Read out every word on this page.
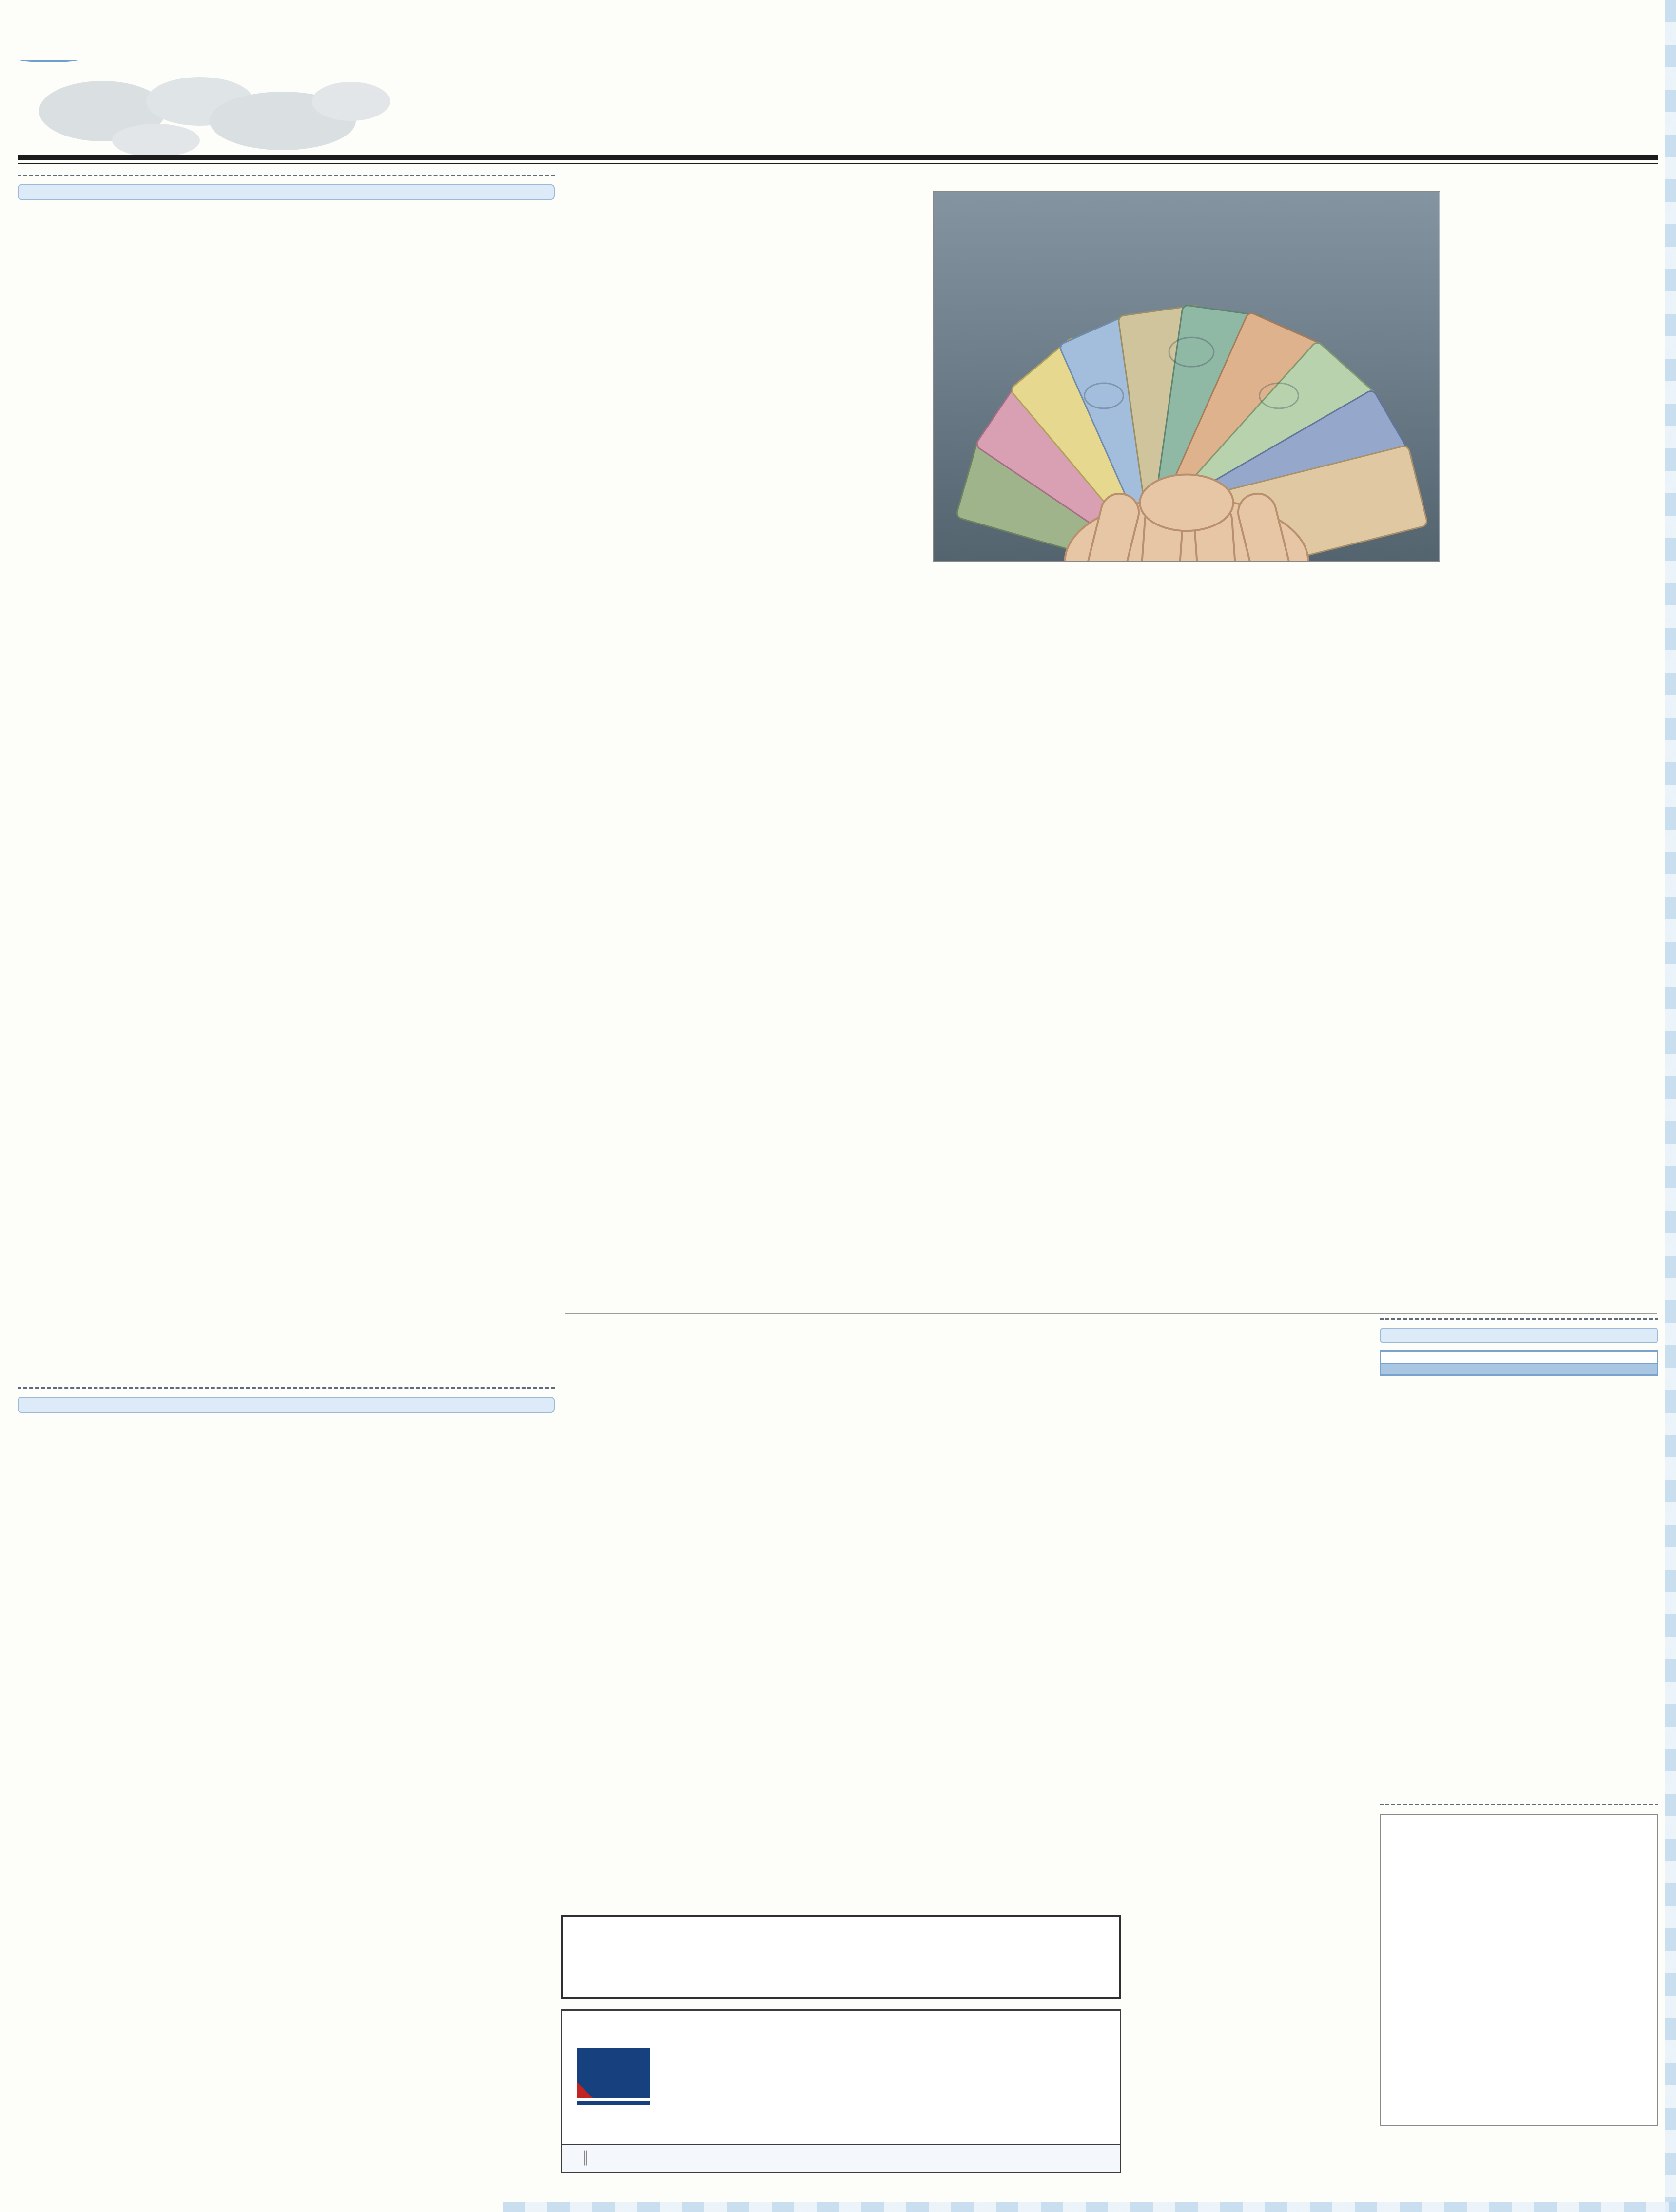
║
